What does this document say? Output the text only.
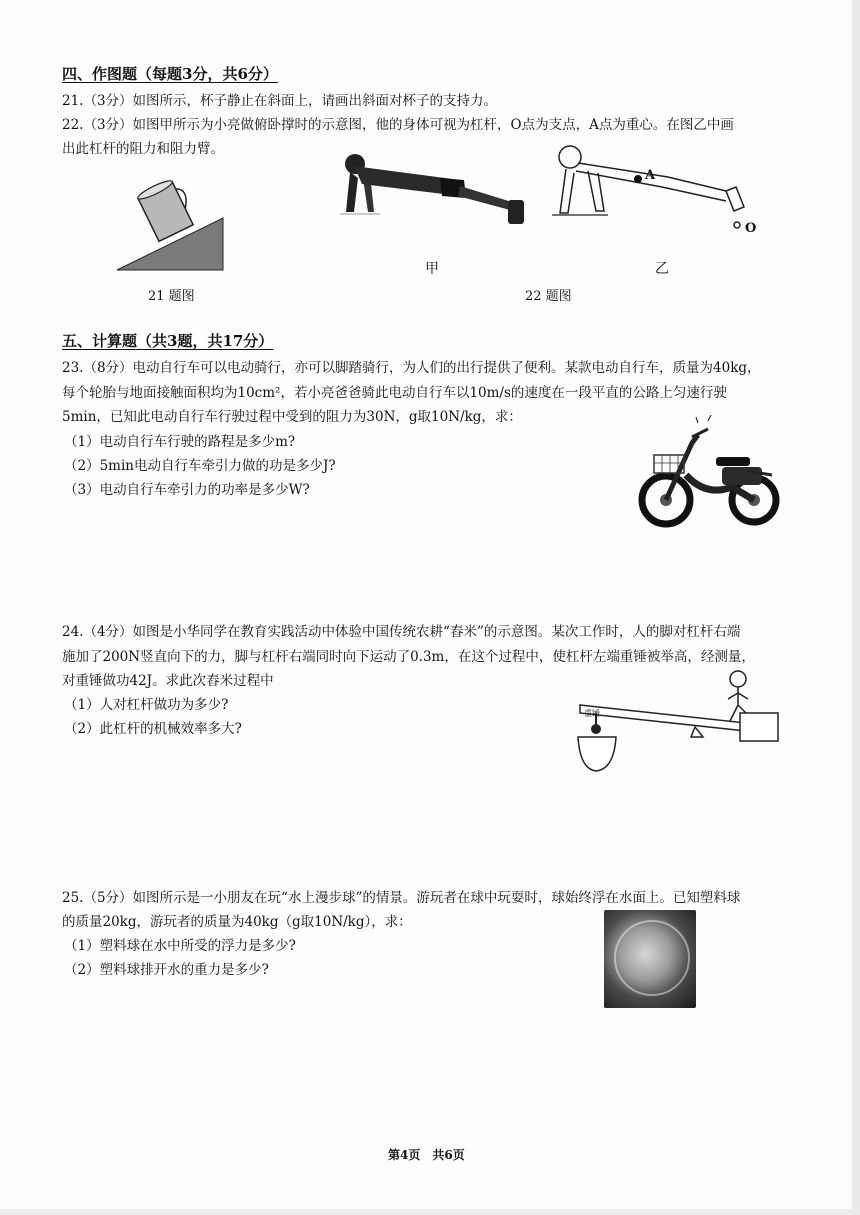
四、作图题（每题3分，共6分）
21.（3分）如图所示，杯子静止在斜面上，请画出斜面对杯子的支持力。
22.（3分）如图甲所示为小亮做俯卧撑时的示意图，他的身体可视为杠杆，O点为支点，A点为重心。在图乙中画
出此杠杆的阻力和阻力臂。
甲
A
O
乙
21 题图	22 题图
五、计算题（共3题，共17分）
23.（8分）电动自行车可以电动骑行，亦可以脚踏骑行，为人们的出行提供了便利。某款电动自行车，质量为40kg，
每个轮胎与地面接触面积均为10cm²，若小亮爸爸骑此电动自行车以10m/s的速度在一段平直的公路上匀速行驶
5min，已知此电动自行车行驶过程中受到的阻力为30N，g取10N/kg，求：
（1）电动自行车行驶的路程是多少m?
（2）5min电动自行车牵引力做的功是多少J?
（3）电动自行车牵引力的功率是多少W?
24.（4分）如图是小华同学在教育实践活动中体验中国传统农耕“舂米”的示意图。某次工作时，人的脚对杠杆右端
施加了200N竖直向下的力，脚与杠杆右端同时向下运动了0.3m，在这个过程中，使杠杆左端重锤被举高，经测量，
对重锤做功42J。求此次舂米过程中
（1）人对杠杆做功为多少?
（2）此杠杆的机械效率多大?
重锤
25.（5分）如图所示是一小朋友在玩“水上漫步球”的情景。游玩者在球中玩耍时，球始终浮在水面上。已知塑料球
的质量20kg，游玩者的质量为40kg（g取10N/kg），求：
（1）塑料球在水中所受的浮力是多少?
（2）塑料球排开水的重力是多少?
第4页　共6页
